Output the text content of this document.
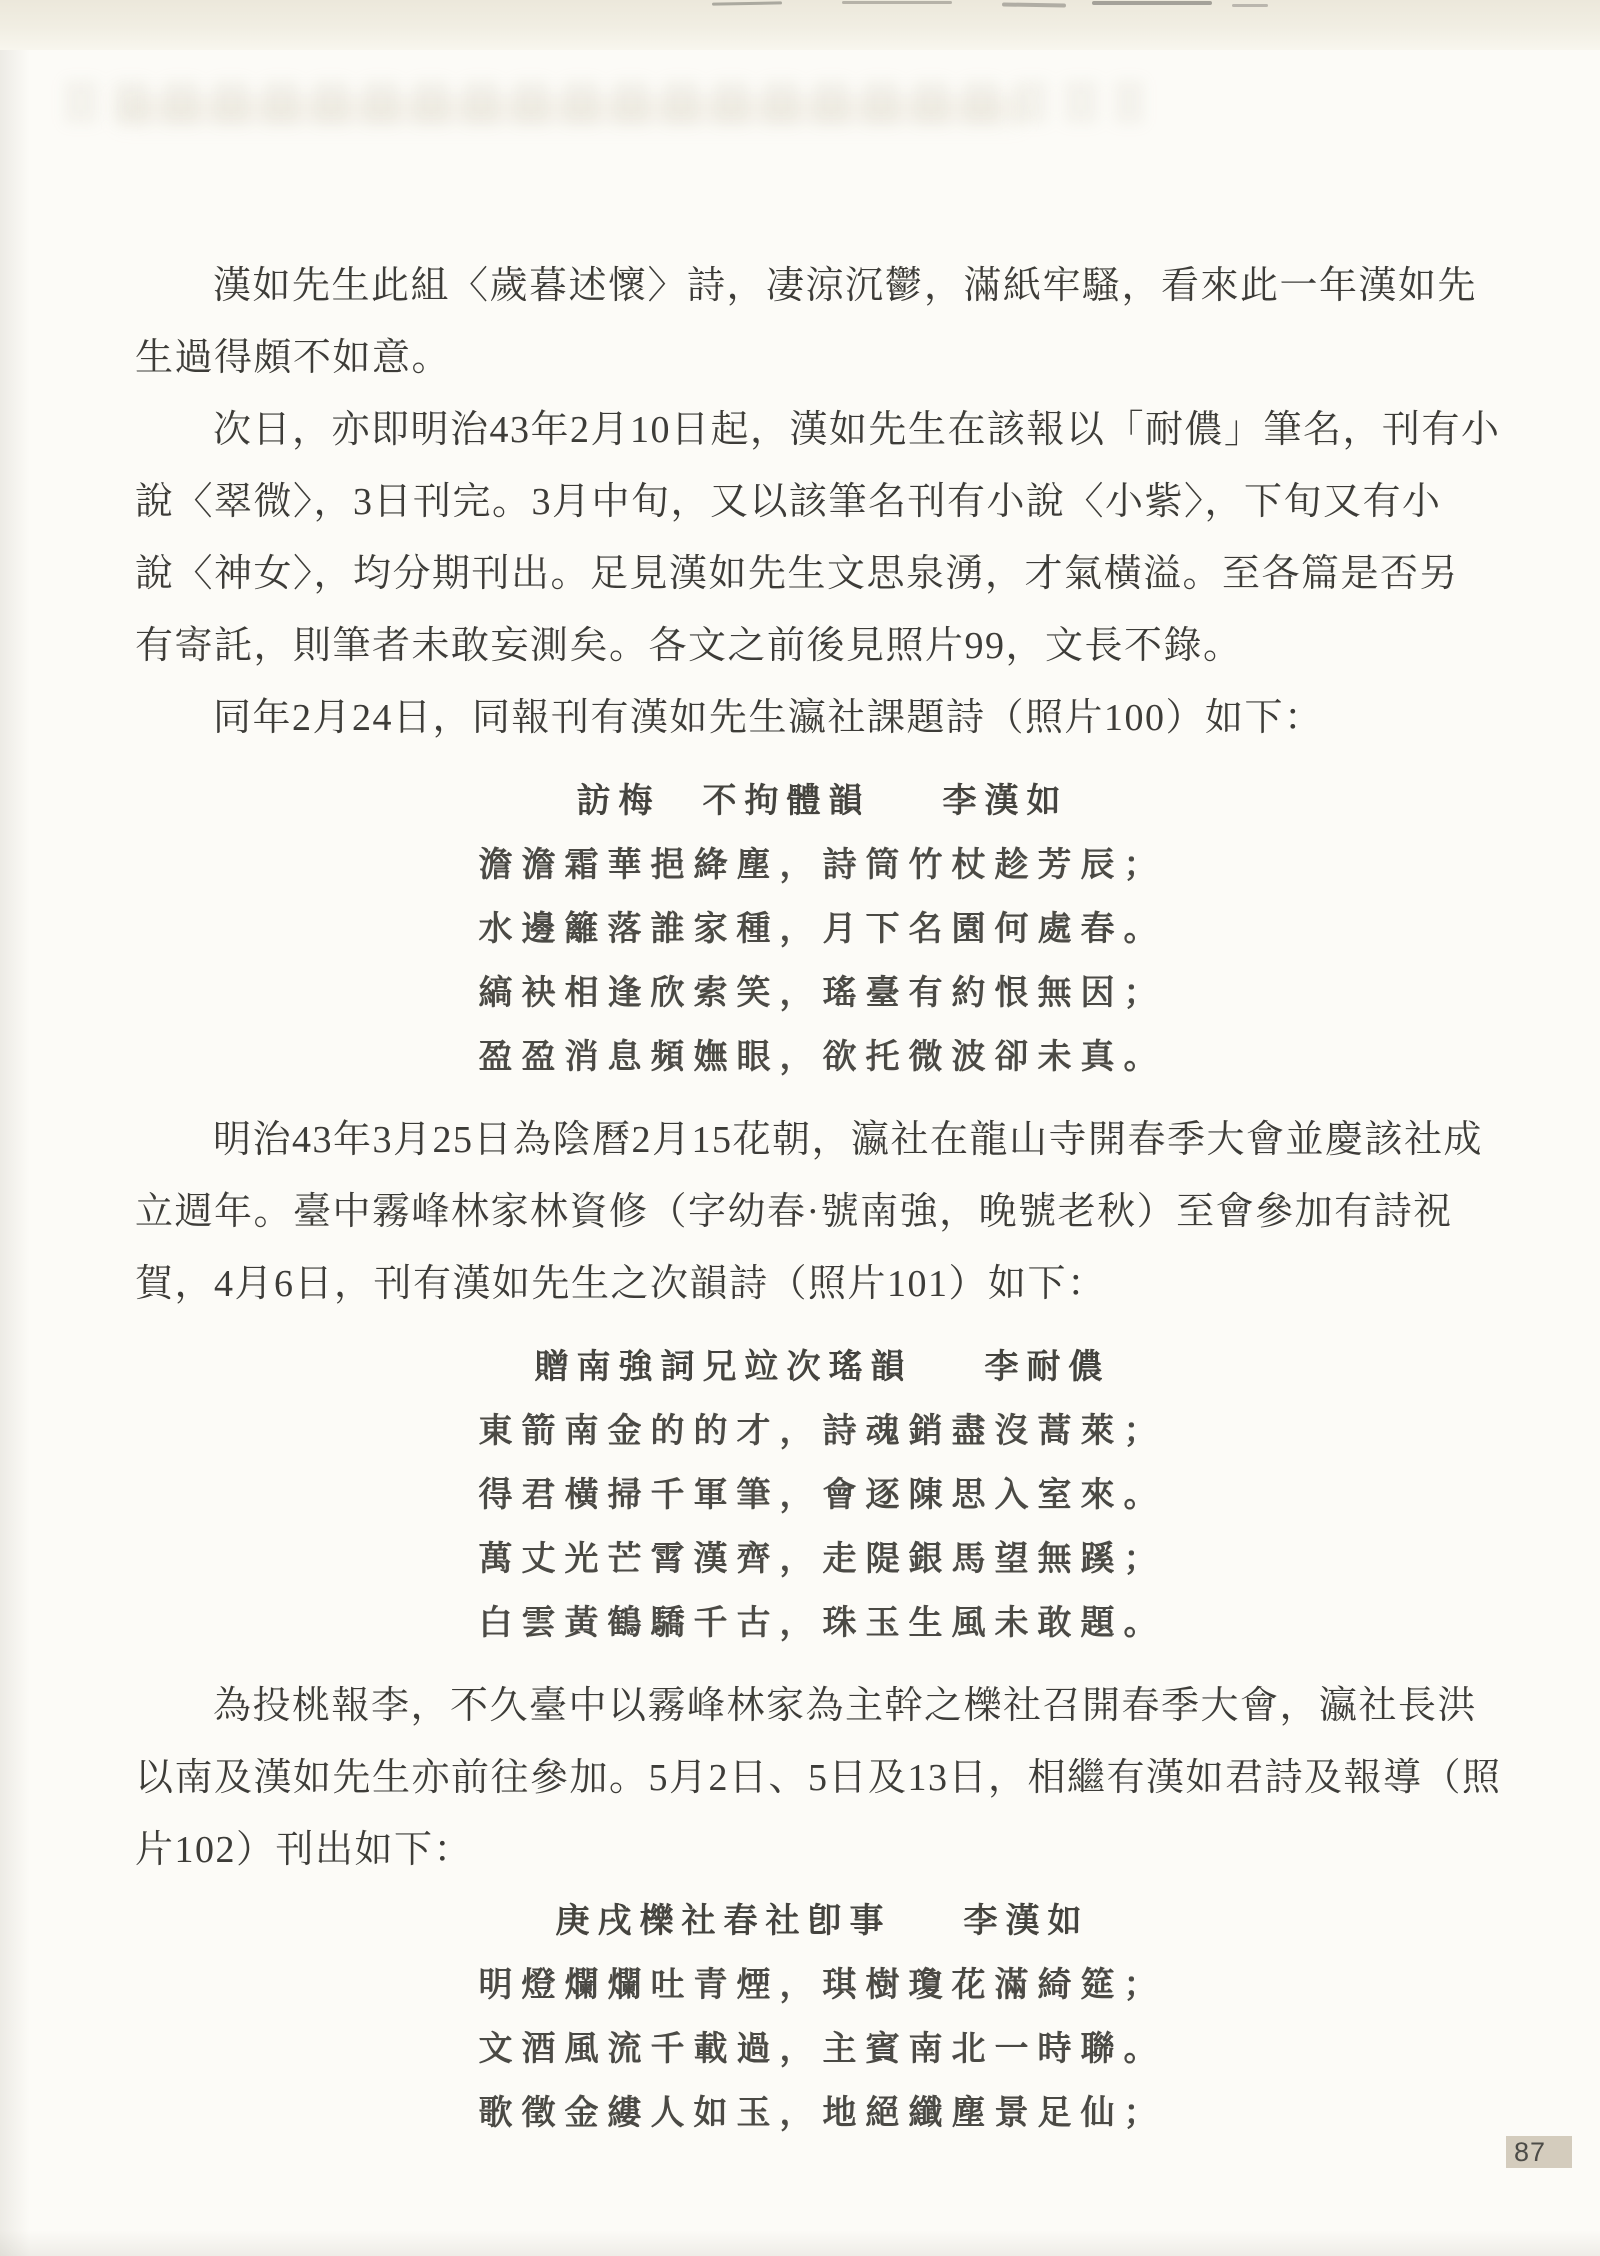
漢如先生此組〈歲暮述懷〉詩，凄涼沉鬱，滿紙牢騷，看來此一年漢如先

生過得頗不如意。

次日，亦即明治43年2月10日起，漢如先生在該報以「耐儂」筆名，刊有小

說〈翠微〉，3日刊完。3月中旬，又以該筆名刊有小說〈小紫〉，下旬又有小

說〈神女〉，均分期刊出。足見漢如先生文思泉湧，才氣橫溢。至各篇是否另

有寄託，則筆者未敢妄測矣。各文之前後見照片99，文長不錄。

同年2月24日，同報刊有漢如先生瀛社課題詩（照片100）如下：

訪梅　不拘體韻 李漢如

澹澹霜華挹絳塵，詩筒竹杖趁芳辰；

水邊籬落誰家種，月下名園何處春。

縞袂相逢欣索笑，瑤臺有約恨無因；

盈盈消息頻嫵眼，欲托微波卻未真。

明治43年3月25日為陰曆2月15花朝，瀛社在龍山寺開春季大會並慶該社成

立週年。臺中霧峰林家林資修（字幼春·號南強，晚號老秋）至會參加有詩祝

賀，4月6日，刊有漢如先生之次韻詩（照片101）如下：

贈南強詞兄竝次瑤韻 李耐儂

東箭南金的的才，詩魂銷盡沒蒿萊；

得君橫掃千軍筆，會逐陳思入室來。

萬丈光芒霄漢齊，走隄銀馬望無蹊；

白雲黃鶴驕千古，珠玉生風未敢題。

為投桃報李，不久臺中以霧峰林家為主幹之櫟社召開春季大會，瀛社長洪

以南及漢如先生亦前往參加。5月2日、5日及13日，相繼有漢如君詩及報導（照

片102）刊出如下：

庚戌櫟社春社卽事 李漢如

明燈爛爛吐青煙，琪樹瓊花滿綺筵；

文酒風流千載過，主賓南北一時聯。

歌徵金縷人如玉，地絕纖塵景足仙；

87
